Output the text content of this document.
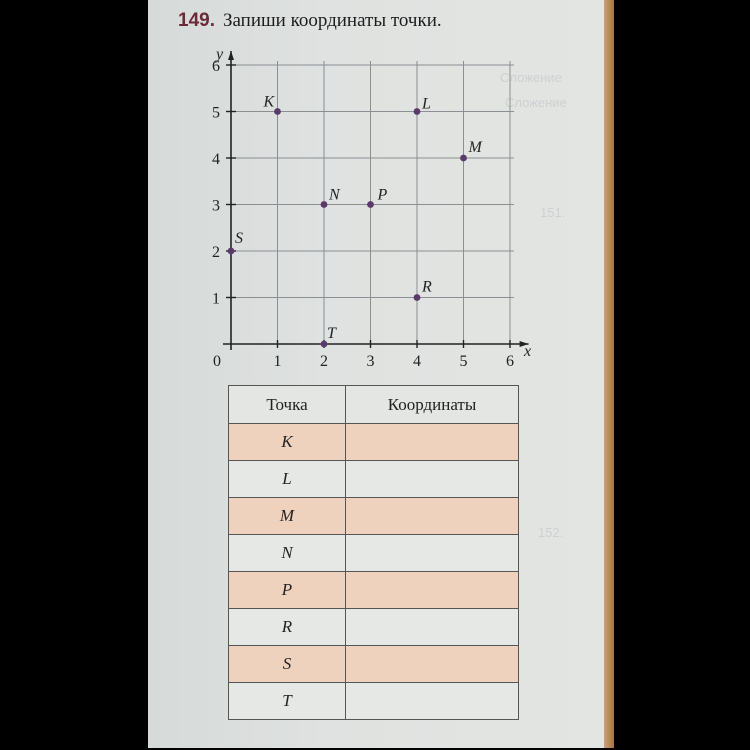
149. Запиши координаты точки.
x
y
0	1 2 3 4 5 6
1
2
3
4
5
6
K	L
M
N P
S
R
T
Точка	Координаты
K	
L	
M	
N	
P	
R	
S	
T	
